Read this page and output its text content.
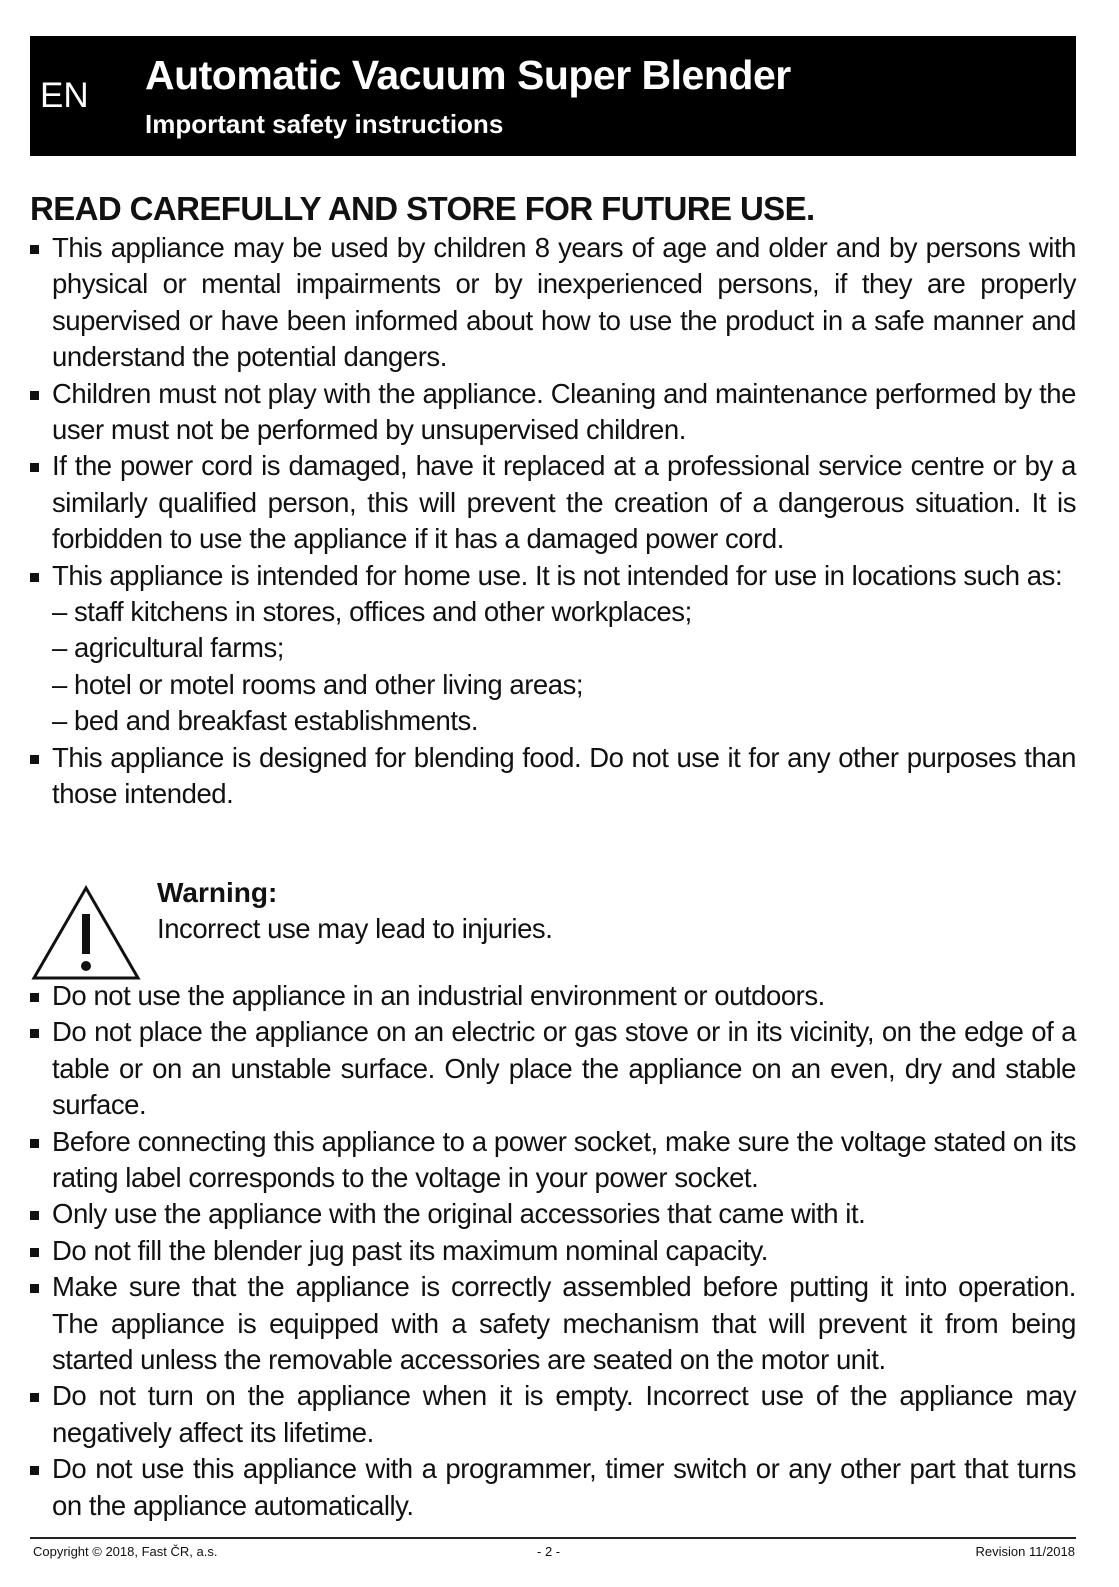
EN Automatic Vacuum Super Blender
Important safety instructions
READ CAREFULLY AND STORE FOR FUTURE USE.
This appliance may be used by children 8 years of age and older and by persons with physical or mental impairments or by inexperienced persons, if they are properly supervised or have been informed about how to use the product in a safe manner and understand the potential dangers.
Children must not play with the appliance. Cleaning and maintenance performed by the user must not be performed by unsupervised children.
If the power cord is damaged, have it replaced at a professional service centre or by a similarly qualified person, this will prevent the creation of a dangerous situation. It is forbidden to use the appliance if it has a damaged power cord.
This appliance is intended for home use. It is not intended for use in locations such as:
– staff kitchens in stores, offices and other workplaces;
– agricultural farms;
– hotel or motel rooms and other living areas;
– bed and breakfast establishments.
This appliance is designed for blending food. Do not use it for any other purposes than those intended.
Warning:
Incorrect use may lead to injuries.
Do not use the appliance in an industrial environment or outdoors.
Do not place the appliance on an electric or gas stove or in its vicinity, on the edge of a table or on an unstable surface. Only place the appliance on an even, dry and stable surface.
Before connecting this appliance to a power socket, make sure the voltage stated on its rating label corresponds to the voltage in your power socket.
Only use the appliance with the original accessories that came with it.
Do not fill the blender jug past its maximum nominal capacity.
Make sure that the appliance is correctly assembled before putting it into operation. The appliance is equipped with a safety mechanism that will prevent it from being started unless the removable accessories are seated on the motor unit.
Do not turn on the appliance when it is empty. Incorrect use of the appliance may negatively affect its lifetime.
Do not use this appliance with a programmer, timer switch or any other part that turns on the appliance automatically.
Copyright © 2018, Fast ČR, a.s.	- 2 -	Revision 11/2018
